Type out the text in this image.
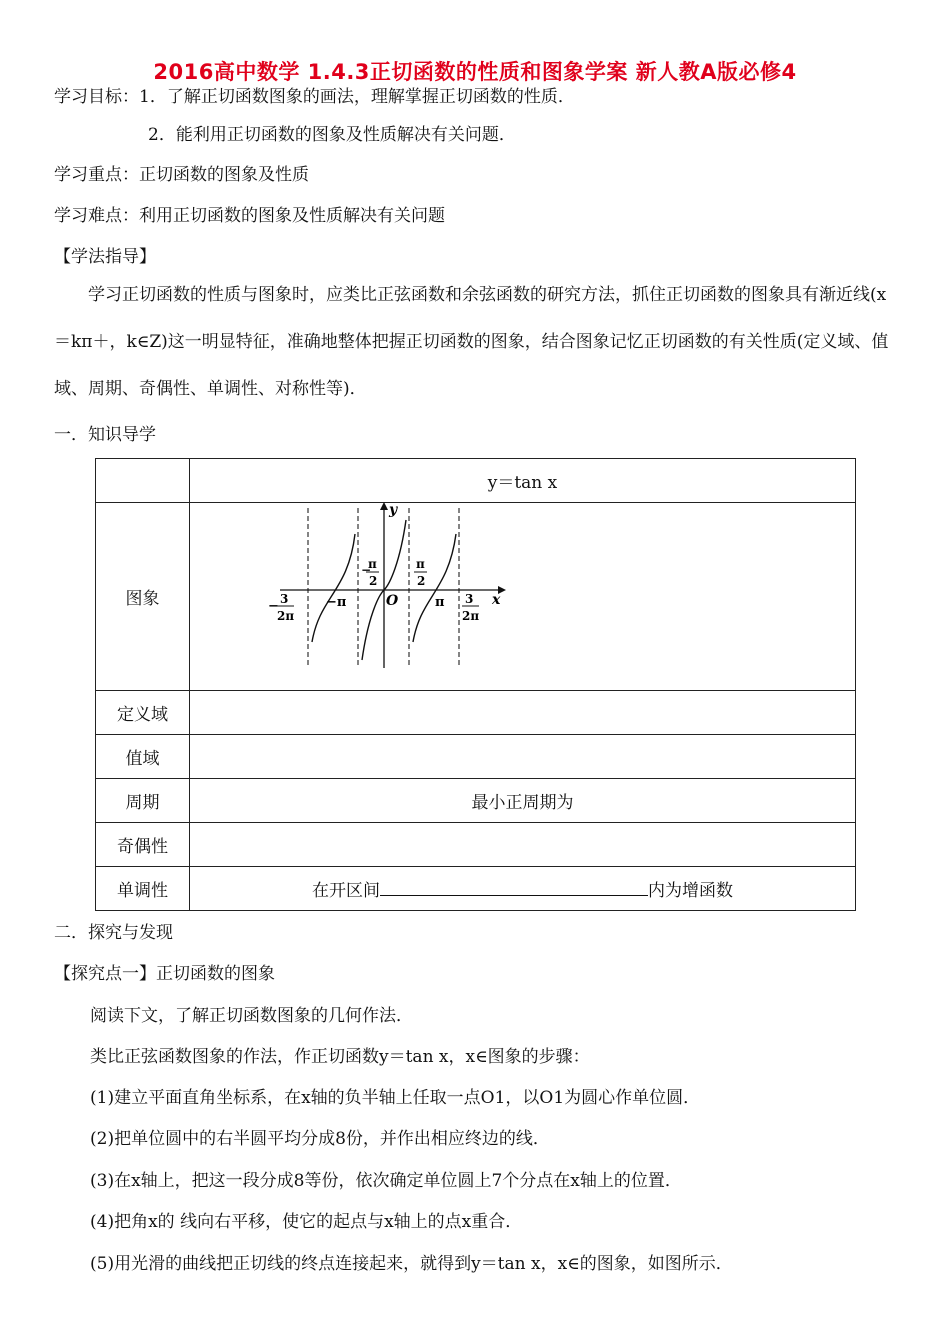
2016高中数学 1.4.3正切函数的性质和图象学案 新人教A版必修4
学习目标：1．了解正切函数图象的画法，理解掌握正切函数的性质．
2．能利用正切函数的图象及性质解决有关问题．
学习重点：正切函数的图象及性质
学习难点：利用正切函数的图象及性质解决有关问题
【学法指导】
学习正切函数的性质与图象时，应类比正弦函数和余弦函数的研究方法，抓住正切函数的图象具有渐近线(x＝kπ＋，k∈Z)这一明显特征，准确地整体把握正切函数的图象，结合图象记忆正切函数的有关性质(定义域、值域、周期、奇偶性、单调性、对称性等)．
一．知识导学
	y＝tan x
图象	
定义域	
值域	
周期	最小正周期为
奇偶性	
单调性	在开区间 内为增函数
y
x
O
− 3
2π
−π
−
π
2
π
2
π 3
2π
二．探究与发现
【探究点一】正切函数的图象
阅读下文，了解正切函数图象的几何作法．
类比正弦函数图象的作法，作正切函数y＝tan x，x∈图象的步骤：
(1)建立平面直角坐标系，在x轴的负半轴上任取一点O1，以O1为圆心作单位圆．
(2)把单位圆中的右半圆平均分成8份，并作出相应终边的线．
(3)在x轴上，把这一段分成8等份，依次确定单位圆上7个分点在x轴上的位置．
(4)把角x的 线向右平移，使它的起点与x轴上的点x重合．
(5)用光滑的曲线把正切线的终点连接起来，就得到y＝tan x，x∈的图象，如图所示．
